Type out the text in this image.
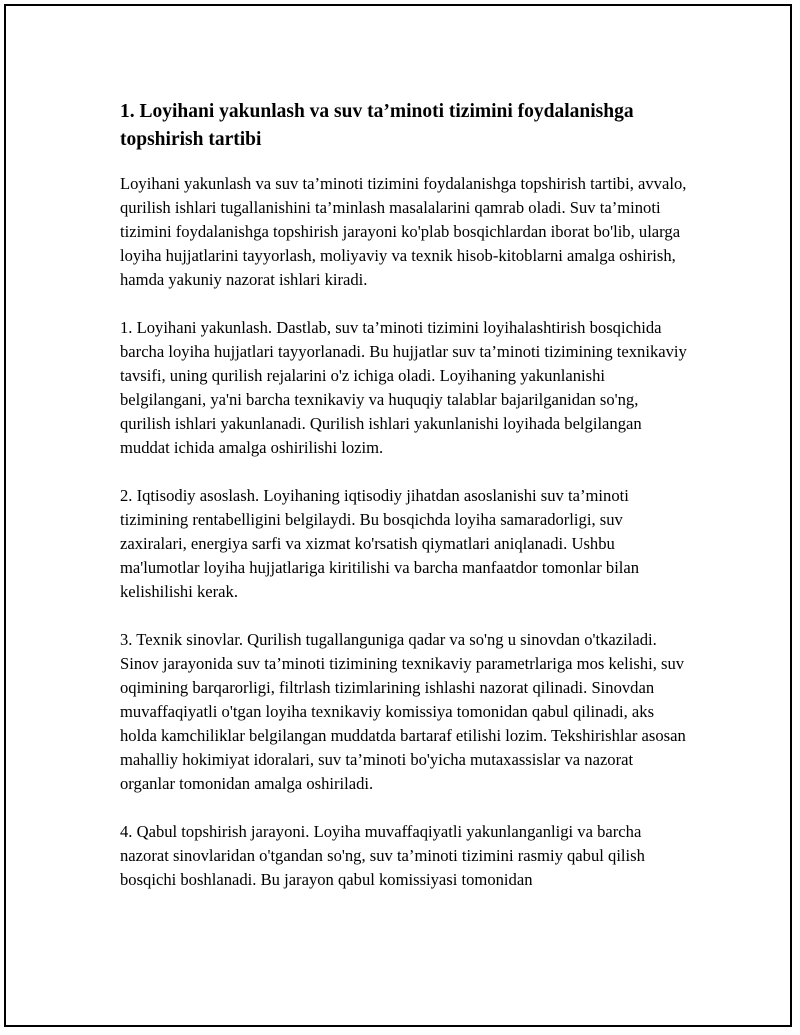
1. Loyihani yakunlash va suv ta’minoti tizimini foydalanishga topshirish tartibi

Loyihani yakunlash va suv ta’minoti tizimini foydalanishga topshirish tartibi, avvalo, qurilish ishlari tugallanishini ta’minlash masalalarini qamrab oladi. Suv ta’minoti tizimini foydalanishga topshirish jarayoni ko'plab bosqichlardan iborat bo'lib, ularga loyiha hujjatlarini tayyorlash, moliyaviy va texnik hisob-kitoblarni amalga oshirish, hamda yakuniy nazorat ishlari kiradi.

1. Loyihani yakunlash. Dastlab, suv ta’minoti tizimini loyihalashtirish bosqichida barcha loyiha hujjatlari tayyorlanadi. Bu hujjatlar suv ta’minoti tizimining texnikaviy tavsifi, uning qurilish rejalarini o'z ichiga oladi. Loyihaning yakunlanishi belgilangani, ya'ni barcha texnikaviy va huquqiy talablar bajarilganidan so'ng, qurilish ishlari yakunlanadi. Qurilish ishlari yakunlanishi loyihada belgilangan muddat ichida amalga oshirilishi lozim.

2. Iqtisodiy asoslash. Loyihaning iqtisodiy jihatdan asoslanishi suv ta’minoti tizimining rentabelligini belgilaydi. Bu bosqichda loyiha samaradorligi, suv zaxiralari, energiya sarfi va xizmat ko'rsatish qiymatlari aniqlanadi. Ushbu ma'lumotlar loyiha hujjatlariga kiritilishi va barcha manfaatdor tomonlar bilan kelishilishi kerak.

3. Texnik sinovlar. Qurilish tugallanguniga qadar va so'ng u sinovdan o'tkaziladi. Sinov jarayonida suv ta’minoti tizimining texnikaviy parametrlariga mos kelishi, suv oqimining barqarorligi, filtrlash tizimlarining ishlashi nazorat qilinadi. Sinovdan muvaffaqiyatli o'tgan loyiha texnikaviy komissiya tomonidan qabul qilinadi, aks holda kamchiliklar belgilangan muddatda bartaraf etilishi lozim. Tekshirishlar asosan mahalliy hokimiyat idoralari, suv ta’minoti bo'yicha mutaxassislar va nazorat organlar tomonidan amalga oshiriladi.

4. Qabul topshirish jarayoni. Loyiha muvaffaqiyatli yakunlanganligi va barcha nazorat sinovlaridan o'tgandan so'ng, suv ta’minoti tizimini rasmiy qabul qilish bosqichi boshlanadi. Bu jarayon qabul komissiyasi tomonidan
